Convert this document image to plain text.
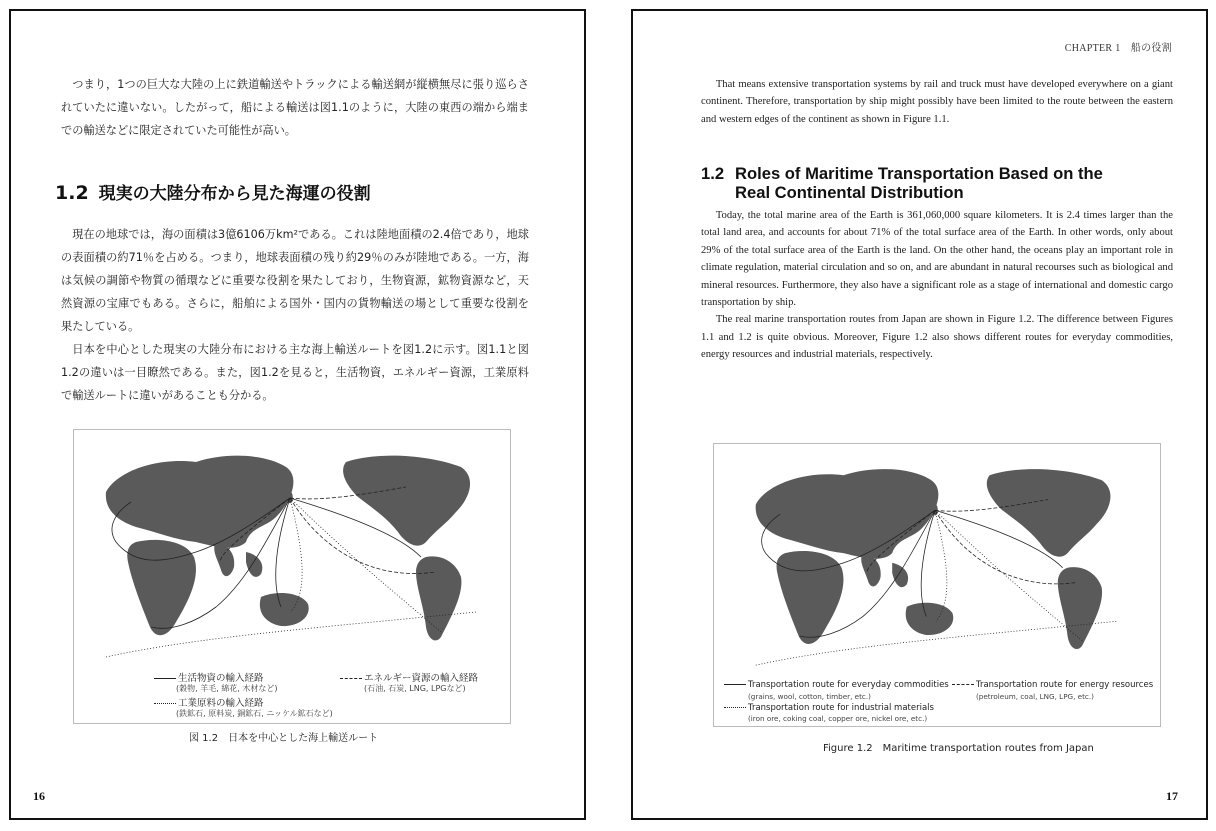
つまり，1つの巨大な大陸の上に鉄道輸送やトラックによる輸送網が縦横無尽に張り巡らされていたに違いない。したがって，船による輸送は図1.1のように，大陸の東西の端から端までの輸送などに限定されていた可能性が高い。

1.2 現実の大陸分布から見た海運の役割

現在の地球では，海の面積は3億6106万km²である。これは陸地面積の2.4倍であり，地球の表面積の約71％を占める。つまり，地球表面積の残り約29％のみが陸地である。一方，海は気候の調節や物質の循環などに重要な役割を果たしており，生物資源，鉱物資源など，天然資源の宝庫でもある。さらに，船舶による国外・国内の貨物輸送の場として重要な役割を果たしている。

日本を中心とした現実の大陸分布における主な海上輸送ルートを図1.2に示す。図1.1と図1.2の違いは一目瞭然である。また，図1.2を見ると，生活物資，エネルギー資源，工業原料で輸送ルートに違いがあることも分かる。

生活物資の輸入経路
(穀物, 羊毛, 綿花, 木材など)
エネルギー資源の輸入経路
(石油, 石炭, LNG, LPGなど)
工業原料の輸入経路
(鉄鉱石, 原料炭, 銅鉱石, ニッケル鉱石など)
図 1.2　日本を中心とした海上輸送ルート
16
CHAPTER 1　船の役割

That means extensive transportation systems by rail and truck must have developed everywhere on a giant continent. Therefore, transportation by ship might possibly have been limited to the route between the eastern and western edges of the continent as shown in Figure 1.1.

1.2 Roles of Maritime Transportation Based on the
Real Continental Distribution

Today, the total marine area of the Earth is 361,060,000 square kilometers. It is 2.4 times larger than the total land area, and accounts for about 71% of the total surface area of the Earth. In other words, only about 29% of the total surface area of the Earth is the land. On the other hand, the oceans play an important role in climate regulation, material circulation and so on, and are abundant in natural recourses such as biological and mineral resources. Furthermore, they also have a significant role as a stage of international and domestic cargo transportation by ship.

The real marine transportation routes from Japan are shown in Figure 1.2. The difference between Figures 1.1 and 1.2 is quite obvious. Moreover, Figure 1.2 also shows different routes for everyday commodities, energy resources and industrial materials, respectively.

Transportation route for everyday commodities
(grains, wool, cotton, timber, etc.)
Transportation route for energy resources
(petroleum, coal, LNG, LPG, etc.)
Transportation route for industrial materials
(iron ore, coking coal, copper ore, nickel ore, etc.)
Figure 1.2　Maritime transportation routes from Japan
17
